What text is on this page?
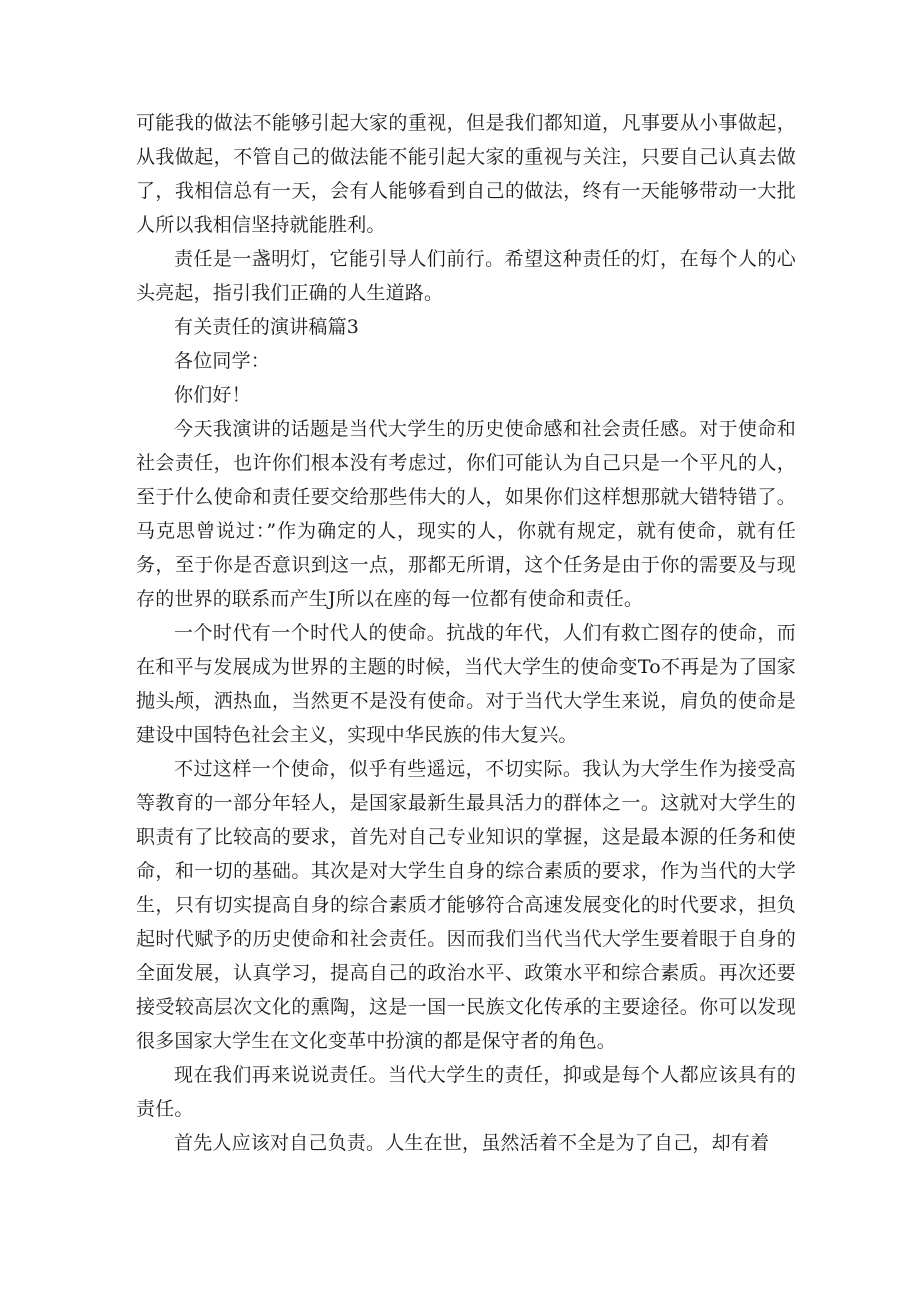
可能我的做法不能够引起大家的重视，但是我们都知道，凡事要从小事做起，从我做起，不管自己的做法能不能引起大家的重视与关注，只要自己认真去做了，我相信总有一天，会有人能够看到自己的做法，终有一天能够带动一大批人所以我相信坚持就能胜利。

责任是一盏明灯，它能引导人们前行。希望这种责任的灯，在每个人的心头亮起，指引我们正确的人生道路。

有关责任的演讲稿篇3

各位同学：

你们好！

今天我演讲的话题是当代大学生的历史使命感和社会责任感。对于使命和社会责任，也许你们根本没有考虑过，你们可能认为自己只是一个平凡的人，至于什么使命和责任要交给那些伟大的人，如果你们这样想那就大错特错了。马克思曾说过：”作为确定的人，现实的人，你就有规定，就有使命，就有任务，至于你是否意识到这一点，那都无所谓，这个任务是由于你的需要及与现存的世界的联系而产生J所以在座的每一位都有使命和责任。

一个时代有一个时代人的使命。抗战的年代，人们有救亡图存的使命，而在和平与发展成为世界的主题的时候，当代大学生的使命变To不再是为了国家抛头颅，洒热血，当然更不是没有使命。对于当代大学生来说，肩负的使命是建设中国特色社会主义，实现中华民族的伟大复兴。

不过这样一个使命，似乎有些遥远，不切实际。我认为大学生作为接受高等教育的一部分年轻人，是国家最新生最具活力的群体之一。这就对大学生的职责有了比较高的要求，首先对自己专业知识的掌握，这是最本源的任务和使命，和一切的基础。其次是对大学生自身的综合素质的要求，作为当代的大学生，只有切实提高自身的综合素质才能够符合高速发展变化的时代要求，担负起时代赋予的历史使命和社会责任。因而我们当代当代大学生要着眼于自身的全面发展，认真学习，提高自己的政治水平、政策水平和综合素质。再次还要接受较高层次文化的熏陶，这是一国一民族文化传承的主要途径。你可以发现很多国家大学生在文化变革中扮演的都是保守者的角色。

现在我们再来说说责任。当代大学生的责任，抑或是每个人都应该具有的责任。

首先人应该对自己负责。人生在世，虽然活着不全是为了自己，却有着
